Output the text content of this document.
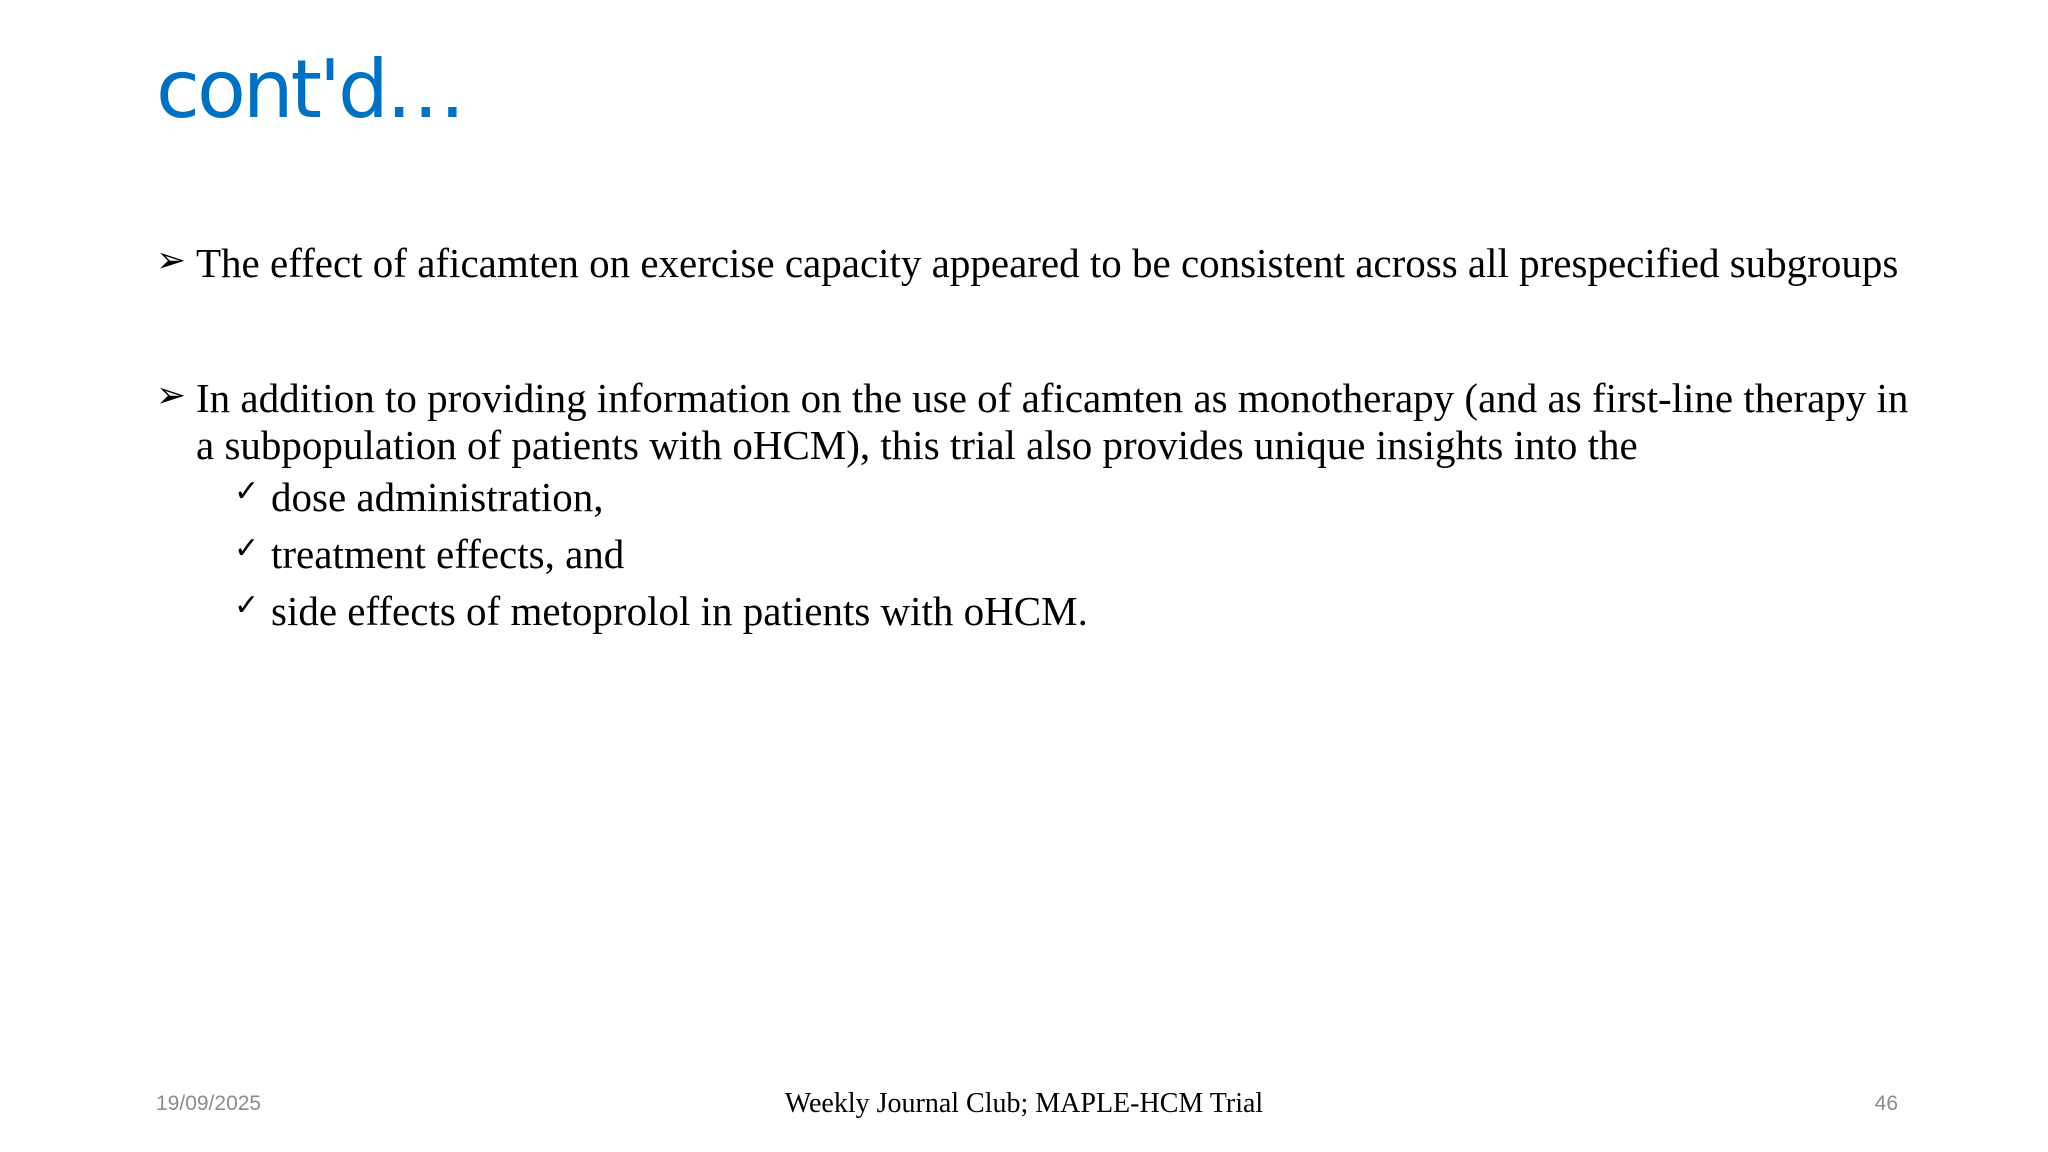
cont'd…
➢ The effect of aficamten on exercise capacity appeared to be consistent across all prespecified subgroups
➢ In addition to providing information on the use of aficamten as monotherapy (and as first-line therapy in a subpopulation of patients with oHCM), this trial also provides unique insights into the
✓ dose administration,
✓ treatment effects, and
✓ side effects of metoprolol in patients with oHCM.
19/09/2025	Weekly Journal Club; MAPLE-HCM Trial	46
